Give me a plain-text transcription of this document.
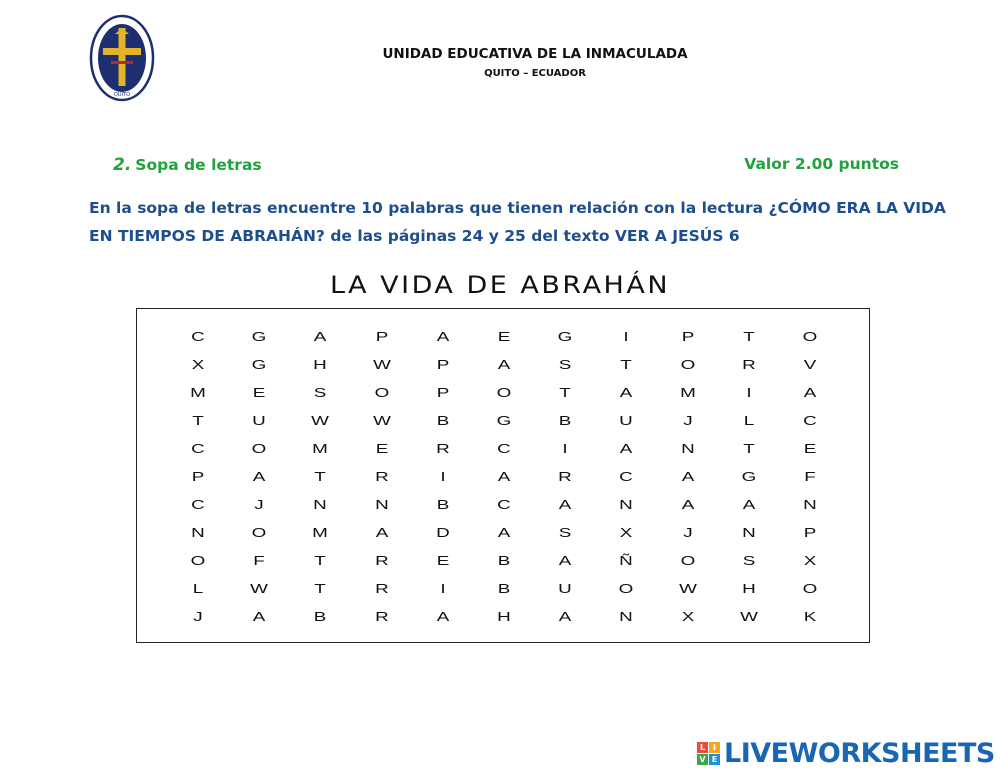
QUITO
UNIDAD EDUCATIVA DE LA INMACULADA
QUITO – ECUADOR
2. Sopa de letras	Valor 2.00 puntos
En la sopa de letras encuentre 10 palabras que tienen relación con la lectura ¿CÓMO ERA LA VIDA
EN TIEMPOS DE ABRAHÁN? de las páginas 24 y 25 del texto VER A JESÚS 6
LA VIDA DE ABRAHÁN
C	G	A	P	A	E	G	I	P	T	O
X	G	H	W	P	A	S	T	O	R	V
M	E	S	O	P	O	T	A	M	I	A
T	U	W	W	B	G	B	U	J	L	C
C	O	M	E	R	C	I	A	N	T	E
P	A	T	R	I	A	R	C	A	G	F
C	J	N	N	B	C	A	N	A	A	N
N	O	M	A	D	A	S	X	J	N	P
O	F	T	R	E	B	A	Ñ	O	S	X
L	W	T	R	I	B	U	O	W	H	O
J	A	B	R	A	H	A	N	X	W	K
L I
V E LIVEWORKSHEETS
